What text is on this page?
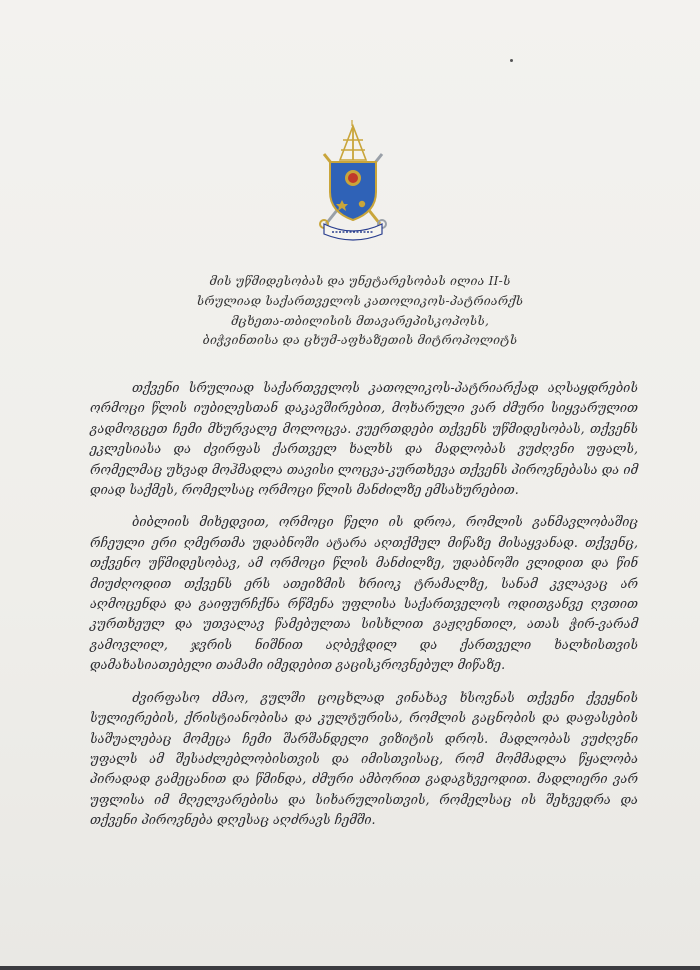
მის უწმიდესობას და უნეტარესობას ილია II-ს
სრულიად საქართველოს კათოლიკოს-პატრიარქს
მცხეთა-თბილისის მთავარეპისკოპოსს,
ბიჭვინთისა და ცხუმ-აფხაზეთის მიტროპოლიტს

თქვენი სრულიად საქართველოს კათოლიკოს-პატრიარქად აღსაყდრების ორმოცი წლის იუბილესთან დაკავშირებით, მოხარული ვარ ძმური სიყვარულით გადმოგცეთ ჩემი მხურვალე მოლოცვა. ვუერთდები თქვენს უწმიდესობას, თქვენს ეკლესიასა და ძვირფას ქართველ ხალხს და მადლობას ვუძღვნი უფალს, რომელმაც უხვად მოჰმადლა თავისი ლოცვა-კურთხევა თქვენს პიროვნებასა და იმ დიად საქმეს, რომელსაც ორმოცი წლის მანძილზე ემსახურებით.

ბიბლიის მიხედვით, ორმოცი წელი ის დროა, რომლის განმავლობაშიც რჩეული ერი ღმერთმა უდაბნოში ატარა აღთქმულ მიწაზე მისაყვანად. თქვენც, თქვენო უწმიდესობავ, ამ ორმოცი წლის მანძილზე, უდაბნოში ვლიდით და წინ მიუძღოდით თქვენს ერს ათეიზმის ხრიოკ ტრამალზე, სანამ კვლავაც არ აღმოცენდა და გაიფურჩქნა რწმენა უფლისა საქართველოს ოდითგანვე ღვთით კურთხეულ და უთვალავ წამებულთა სისხლით გაჟღენთილ, ათას ჭირ-ვარამ გამოვლილ, ჯვრის ნიშნით აღბეჭდილ და ქართველი ხალხისთვის დამახასიათებელი თამამი იმედებით გაცისკროვნებულ მიწაზე.

ძვირფასო ძმაო, გულში ცოცხლად ვინახავ ხსოვნას თქვენი ქვეყნის სულიერების, ქრისტიანობისა და კულტურისა, რომლის გაცნობის და დაფასების საშუალებაც მომეცა ჩემი შარშანდელი ვიზიტის დროს. მადლობას ვუძღვნი უფალს ამ შესაძლებლობისთვის და იმისთვისაც, რომ მომმადლა წყალობა პირადად გამეცანით და წმინდა, ძმური ამბორით გადაგხვეოდით. მადლიერი ვარ უფლისა იმ მღელვარებისა და სიხარულისთვის, რომელსაც ის შეხვედრა და თქვენი პიროვნება დღესაც აღძრავს ჩემში.
